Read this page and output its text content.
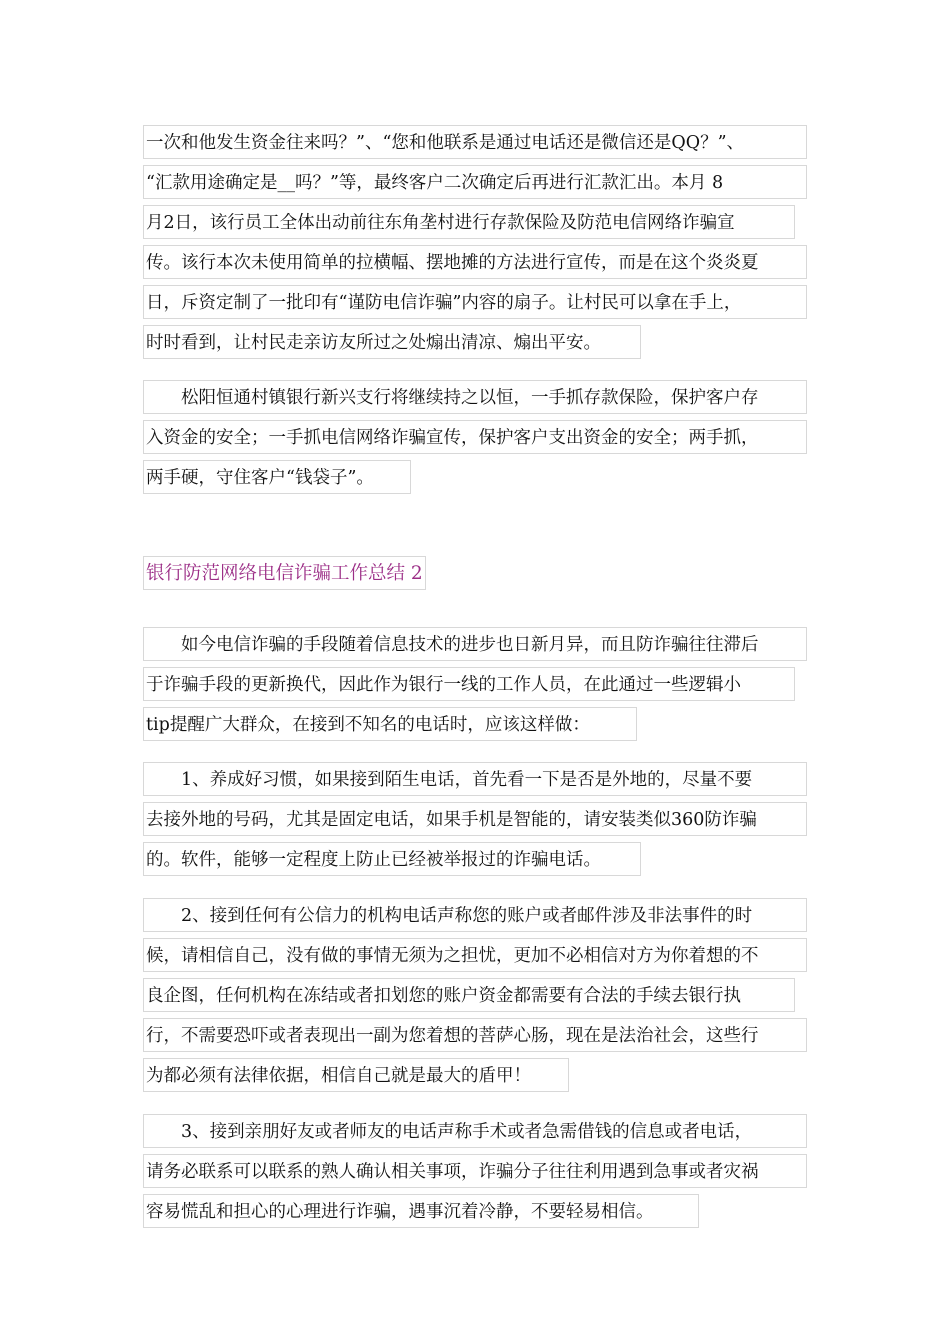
一次和他发生资金往来吗？”、“您和他联系是通过电话还是微信还是QQ？”、
“汇款用途确定是__吗？”等，最终客户二次确定后再进行汇款汇出。本月 8
月2日，该行员工全体出动前往东角垄村进行存款保险及防范电信网络诈骗宣
传。该行本次未使用简单的拉横幅、摆地摊的方法进行宣传，而是在这个炎炎夏
日，斥资定制了一批印有“谨防电信诈骗”内容的扇子。让村民可以拿在手上，
时时看到，让村民走亲访友所过之处煽出清凉、煽出平安。
　　松阳恒通村镇银行新兴支行将继续持之以恒，一手抓存款保险，保护客户存
入资金的安全；一手抓电信网络诈骗宣传，保护客户支出资金的安全；两手抓，
两手硬，守住客户“钱袋子”。
银行防范网络电信诈骗工作总结 2
　　如今电信诈骗的手段随着信息技术的进步也日新月异，而且防诈骗往往滞后
于诈骗手段的更新换代，因此作为银行一线的工作人员，在此通过一些逻辑小
tip提醒广大群众，在接到不知名的电话时，应该这样做：
　　1、养成好习惯，如果接到陌生电话，首先看一下是否是外地的，尽量不要
去接外地的号码，尤其是固定电话，如果手机是智能的，请安装类似360防诈骗
的。软件，能够一定程度上防止已经被举报过的诈骗电话。
　　2、接到任何有公信力的机构电话声称您的账户或者邮件涉及非法事件的时
候，请相信自己，没有做的事情无须为之担忧，更加不必相信对方为你着想的不
良企图，任何机构在冻结或者扣划您的账户资金都需要有合法的手续去银行执
行，不需要恐吓或者表现出一副为您着想的菩萨心肠，现在是法治社会，这些行
为都必须有法律依据，相信自己就是最大的盾甲！
　　3、接到亲朋好友或者师友的电话声称手术或者急需借钱的信息或者电话，
请务必联系可以联系的熟人确认相关事项，诈骗分子往往利用遇到急事或者灾祸
容易慌乱和担心的心理进行诈骗，遇事沉着冷静，不要轻易相信。
